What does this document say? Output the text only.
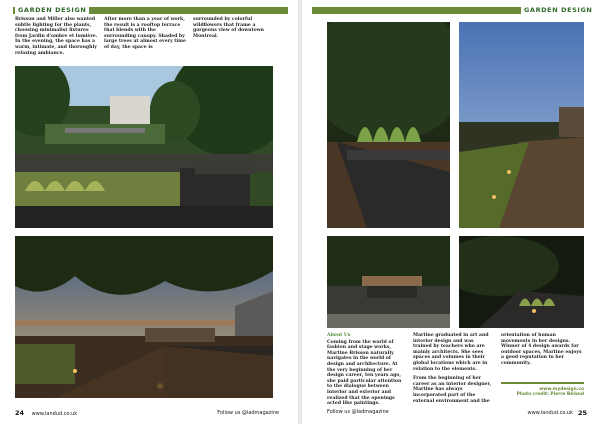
GARDEN DESIGN

Brisson and Miller also wanted subtle lighting for the plants, choosing minimalist fixtures from Jardin d'ombre et lumière. In the evening, the space has a warm, intimate, and thoroughly relaxing ambiance.

After more than a year of work, the result is a rooftop terrace that blends with the surrounding canopy. Shaded by large trees at almost every time of day, the space is

surrounded by colorful wildflowers that frame a gorgeous view of downtown Montreal.

24 www.landud.co.uk	Follow us @ladmagazine
GARDEN DESIGN

About Us

Coming from the world of fashion and stage works, Martine Brisson naturally navigates in the world of design and architecture. At the very beginning of her design career, ten years ago, she paid particular attention to the dialogue between interior and exterior and realized that the openings acted like paintings.

Martine graduated in art and interior design and was trained by teachers who are mainly architects. She sees spaces and volumes in their global locations which are in relation to the elements.

From the beginning of her career as an interior designer, Martine has always incorporated part of the external environment and the

orientation of human movements in her designs. Winner of 4 design awards for outdoor spaces, Martine enjoys a good reputation in her community.

www.mydesign.co
Photo credit: Pierre Béland
Follow us @ladmagazine	www.landud.co.uk 25
